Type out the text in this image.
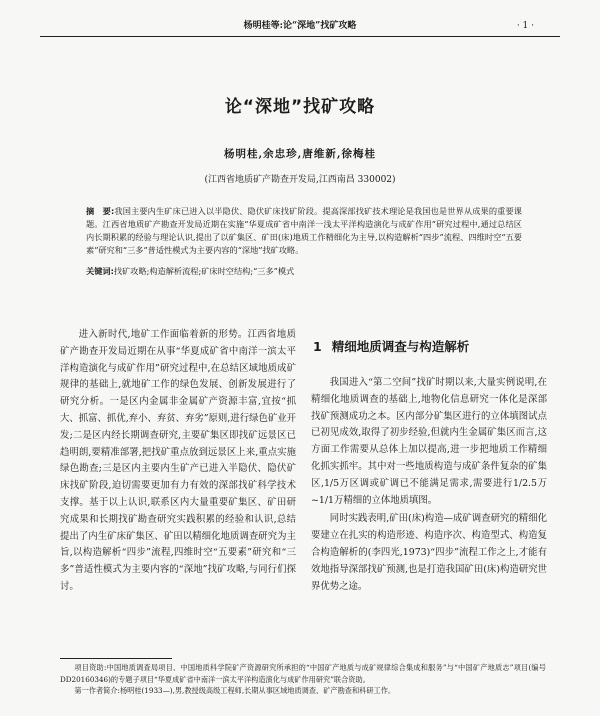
杨明桂等:论“深地”找矿攻略	· 1 ·
论“深地”找矿攻略
杨明桂,余忠珍,唐维新,徐梅桂
(江西省地质矿产勘查开发局,江西南昌 330002)
摘　要:我国主要内生矿床已进入以半隐伏、隐伏矿床找矿阶段。提高深部找矿技术理论是我国也是世界从成果的重要课题。江西省地质矿产勘查开发局近期在实施“华夏成矿省中南洋一浅太平洋构造演化与成矿作用”研究过程中,通过总结区内长期积累的经验与理论认识,提出了以矿集区、矿田(床)地质工作精细化为主导,以构造解析“四步”流程、四维时空“五要素”研究和“三多”普适性模式为主要内容的“深地”找矿攻略。
关键词:找矿攻略;构造解析流程;矿床时空结构;“三多”模式

进入新时代,地矿工作面临着新的形势。江西省地质矿产勘查开发局近期在从事“华夏成矿省中南洋一滨太平洋构造演化与成矿作用”研究过程中,在总结区域地质成矿规律的基础上,就地矿工作的绿色发展、创新发展进行了研究分析。一是区内金属非金属矿产资源丰富,宜按“抓大、抓富、抓优,弃小、弃贫、弃劣”原则,进行绿色矿业开发;二是区内经长期调查研究,主要矿集区即找矿远景区已趋明朗,要精准部署,把找矿重点放到远景区上来,重点实施绿色勘查;三是区内主要内生矿产已进入半隐伏、隐伏矿床找矿阶段,迫切需要更加有力有效的深部找矿科学技术支撑。基于以上认识,联系区内大量重要矿集区、矿田研究成果和长期找矿勘查研究实践积累的经验和认识,总结提出了内生矿床矿集区、矿田以精细化地质调查研究为主旨,以构造解析“四步”流程,四维时空“五要素”研究和“三多”普适性模式为主要内容的“深地”找矿攻略,与同行们探讨。

1 精细地质调查与构造解析

我国进入“第二空间”找矿时期以来,大量实例说明,在精细化地质调查的基础上,地物化信息研究一体化是深部找矿预测成功之本。区内部分矿集区进行的立体填图试点已初见成效,取得了初步经验,但就内生金属矿集区而言,这方面工作需要从总体上加以提高,进一步把地质工作精细化抓实抓牢。其中对一些地质构造与成矿条件复杂的矿集区,1/5万区调或矿调已不能满足需求,需要进行1/2.5万~1/1万精细的立体地质填图。

同时实践表明,矿田(床)构造—成矿调查研究的精细化要建立在扎实的构造形迹、构造序次、构造型式、构造复合构造解析的(李四光,1973)“四步”流程工作之上,才能有效地指导深部找矿预测,也是打造我国矿田(床)构造研究世界优势之途。

项目资助:中国地质调查局项目、中国地质科学院矿产资源研究所承担的“中国矿产地质与成矿规律综合集成和服务”与“中国矿产地质志”项目(编号DD20160346)的专题子项目“华夏成矿省中南洋一滨太平洋构造演化与成矿作用研究”联合资助。
第一作者简介:杨明桂(1933—),男,教授级高级工程师,长期从事区域地质调查、矿产勘查和科研工作。
